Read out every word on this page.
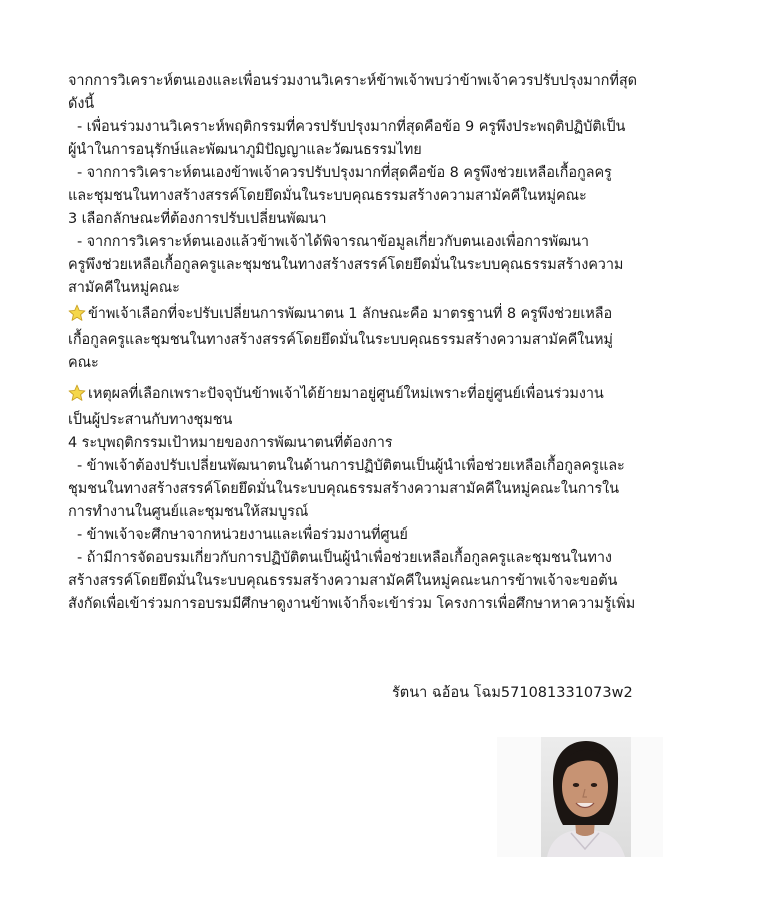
จากการวิเคราะห์ตนเองและเพื่อนร่วมงานวิเคราะห์ข้าพเจ้าพบว่าข้าพเจ้าควรปรับปรุงมากที่สุด
ดังนี้
- เพื่อนร่วมงานวิเคราะห์พฤติกรรมที่ควรปรับปรุงมากที่สุดคือข้อ 9 ครูพึงประพฤติปฏิบัติเป็น
ผู้นำในการอนุรักษ์และพัฒนาภูมิปัญญาและวัฒนธรรมไทย
- จากการวิเคราะห์ตนเองข้าพเจ้าควรปรับปรุงมากที่สุดคือข้อ 8 ครูพึงช่วยเหลือเกื้อกูลครู
และชุมชนในทางสร้างสรรค์โดยยึดมั่นในระบบคุณธรรมสร้างความสามัคคีในหมู่คณะ
3 เลือกลักษณะที่ต้องการปรับเปลี่ยนพัฒนา
- จากการวิเคราะห์ตนเองแล้วข้าพเจ้าได้พิจารณาข้อมูลเกี่ยวกับตนเองเพื่อการพัฒนา
ครูพึงช่วยเหลือเกื้อกูลครูและชุมชนในทางสร้างสรรค์โดยยึดมั่นในระบบคุณธรรมสร้างความ
สามัคคีในหมู่คณะ
ข้าพเจ้าเลือกที่จะปรับเปลี่ยนการพัฒนาตน 1 ลักษณะคือ มาตรฐานที่ 8 ครูพึงช่วยเหลือ
เกื้อกูลครูและชุมชนในทางสร้างสรรค์โดยยึดมั่นในระบบคุณธรรมสร้างความสามัคคีในหมู่
คณะ
เหตุผลที่เลือกเพราะปัจจุบันข้าพเจ้าได้ย้ายมาอยู่ศูนย์ใหม่เพราะที่อยู่ศูนย์เพื่อนร่วมงาน
เป็นผู้ประสานกับทางชุมชน
4 ระบุพฤติกรรมเป้าหมายของการพัฒนาตนที่ต้องการ
- ข้าพเจ้าต้องปรับเปลี่ยนพัฒนาตนในด้านการปฏิบัติตนเป็นผู้นำเพื่อช่วยเหลือเกื้อกูลครูและ
ชุมชนในทางสร้างสรรค์โดยยึดมั่นในระบบคุณธรรมสร้างความสามัคคีในหมู่คณะในการใน
การทำงานในศูนย์และชุมชนให้สมบูรณ์
- ข้าพเจ้าจะศึกษาจากหน่วยงานและเพื่อร่วมงานที่ศูนย์
- ถ้ามีการจัดอบรมเกี่ยวกับการปฏิบัติตนเป็นผู้นำเพื่อช่วยเหลือเกื้อกูลครูและชุมชนในทาง
สร้างสรรค์โดยยึดมั่นในระบบคุณธรรมสร้างความสามัคคีในหมู่คณะนการข้าพเจ้าจะขอต้น
สังกัดเพื่อเข้าร่วมการอบรมมีศึกษาดูงานข้าพเจ้าก็จะเข้าร่วม โครงการเพื่อศึกษาหาความรู้เพิ่ม
รัตนา ฉอ้อน โฉม571081331073w2
